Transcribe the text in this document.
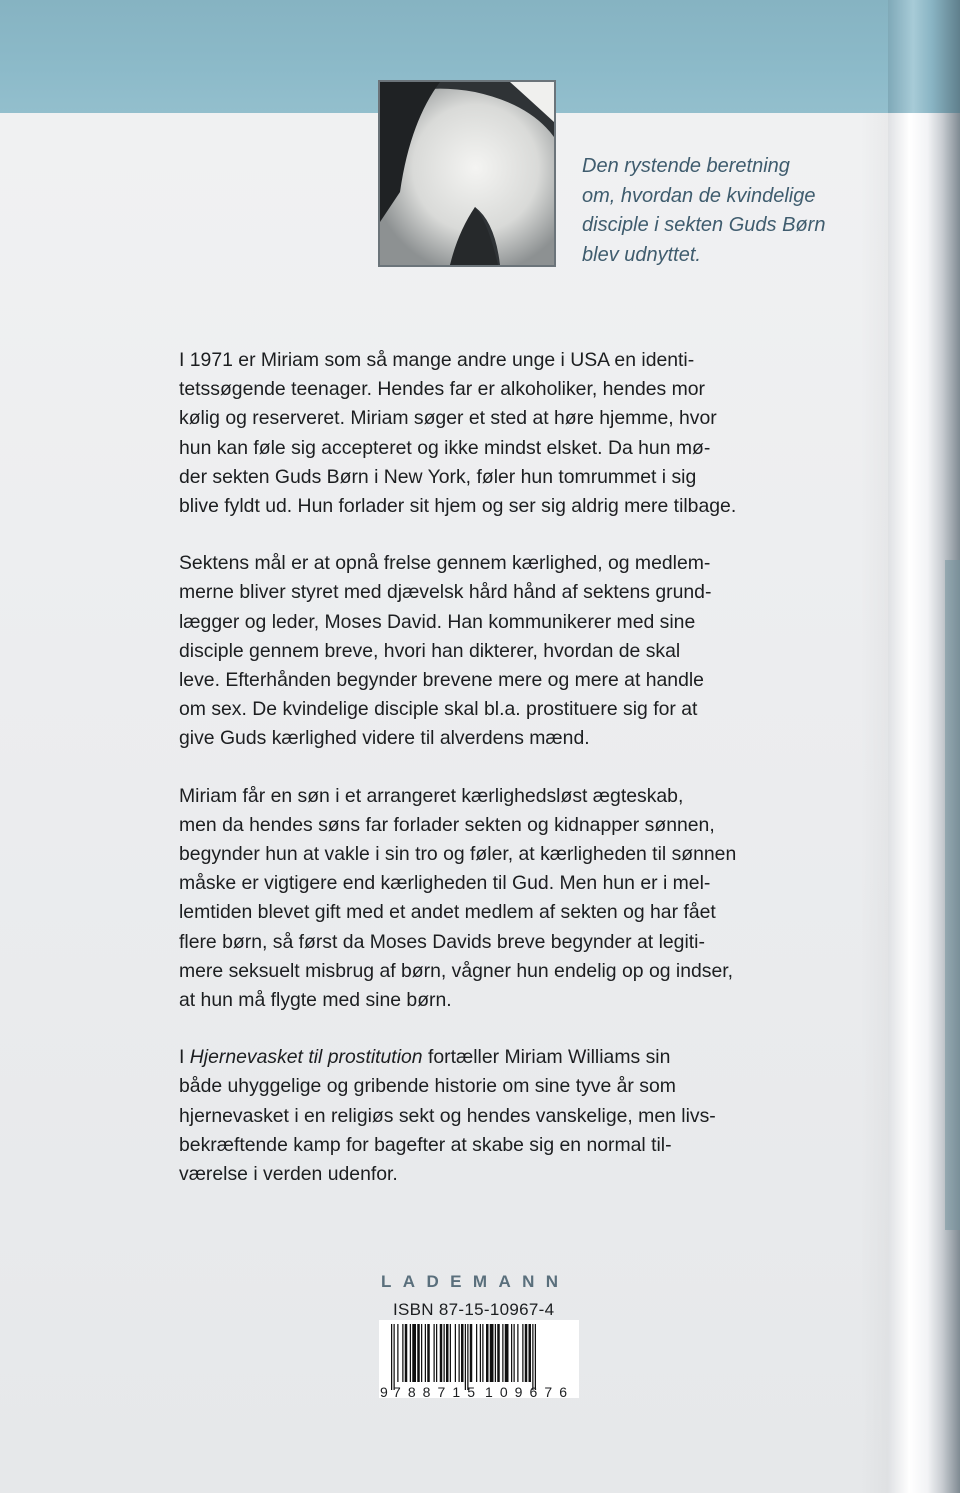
Den rystende beretning
om, hvordan de kvindelige
disciple i sekten Guds Børn
blev udnyttet.
I 1971 er Miriam som så mange andre unge i USA en identi-
tetssøgende teenager. Hendes far er alkoholiker, hendes mor
kølig og reserveret. Miriam søger et sted at høre hjemme, hvor
hun kan føle sig accepteret og ikke mindst elsket. Da hun mø-
der sekten Guds Børn i New York, føler hun tomrummet i sig
blive fyldt ud. Hun forlader sit hjem og ser sig aldrig mere tilbage.
Sektens mål er at opnå frelse gennem kærlighed, og medlem-
merne bliver styret med djævelsk hård hånd af sektens grund-
lægger og leder, Moses David. Han kommunikerer med sine
disciple gennem breve, hvori han dikterer, hvordan de skal
leve. Efterhånden begynder brevene mere og mere at handle
om sex. De kvindelige disciple skal bl.a. prostituere sig for at
give Guds kærlighed videre til alverdens mænd.
Miriam får en søn i et arrangeret kærlighedsløst ægteskab,
men da hendes søns far forlader sekten og kidnapper sønnen,
begynder hun at vakle i sin tro og føler, at kærligheden til sønnen
måske er vigtigere end kærligheden til Gud. Men hun er i mel-
lemtiden blevet gift med et andet medlem af sekten og har fået
flere børn, så først da Moses Davids breve begynder at legiti-
mere seksuelt misbrug af børn, vågner hun endelig op og indser,
at hun må flygte med sine børn.
I Hjernevasket til prostitution fortæller Miriam Williams sin
både uhyggelige og gribende historie om sine tyve år som
hjernevasket i en religiøs sekt og hendes vanskelige, men livs-
bekræftende kamp for bagefter at skabe sig en normal til-
værelse i verden udenfor.
LADEMANN
ISBN 87-15-10967-4
9 788715 109676
